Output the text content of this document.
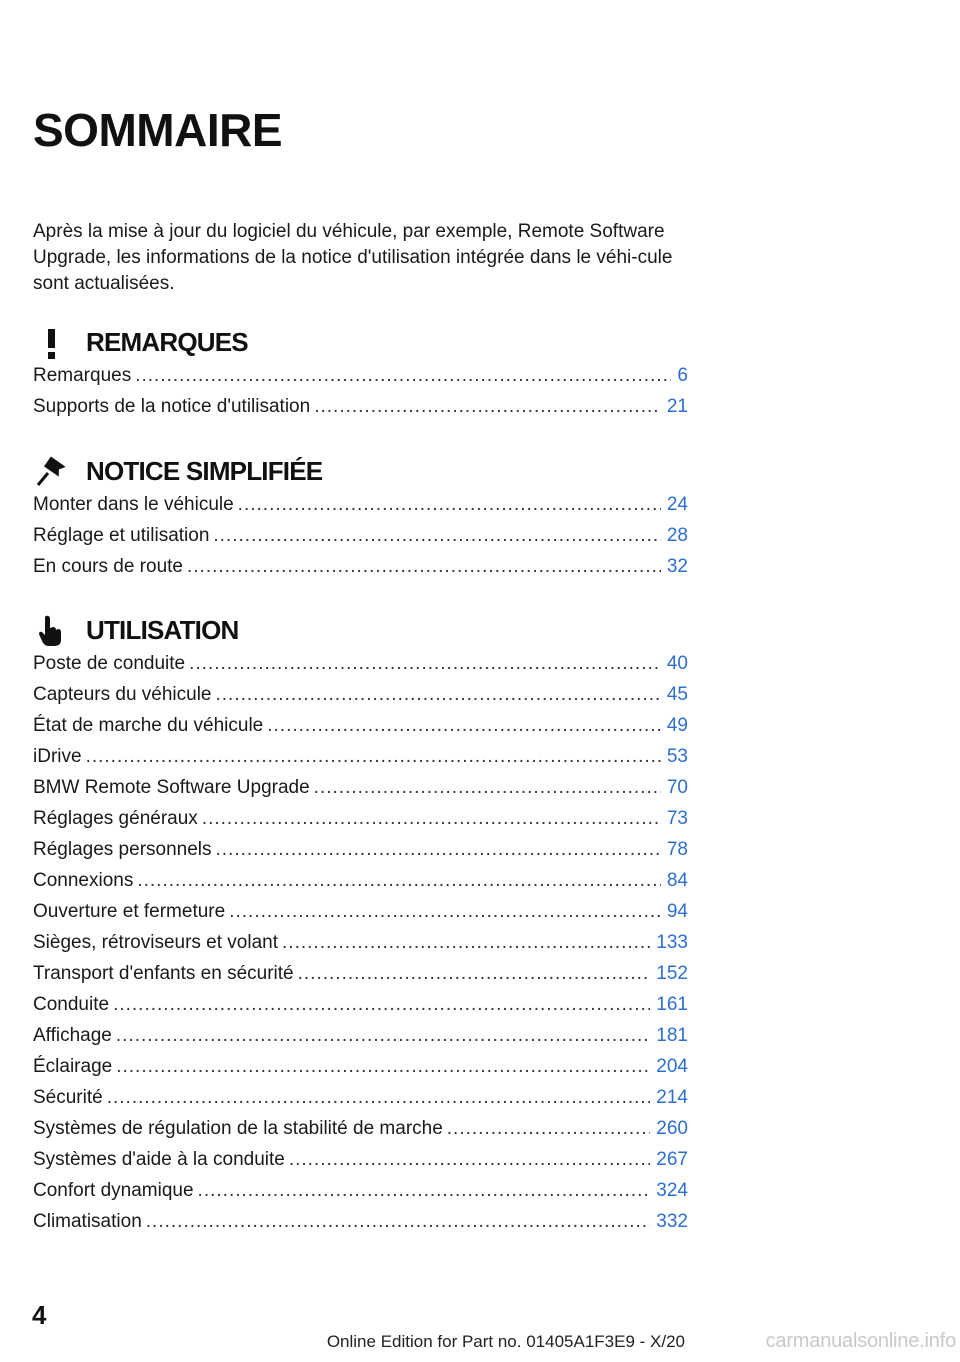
SOMMAIRE

Après la mise à jour du logiciel du véhicule, par exemple, Remote Software Upgrade, les informations de la notice d'utilisation intégrée dans le véhi-cule sont actualisées.

REMARQUES
Remarques .....	6
Supports de la notice d'utilisation .....	21
NOTICE SIMPLIFIÉE
Monter dans le véhicule .....	24
Réglage et utilisation .....	28
En cours de route .....	32
UTILISATION
Poste de conduite .....	40
Capteurs du véhicule .....	45
État de marche du véhicule .....	49
iDrive .....	53
BMW Remote Software Upgrade .....	70
Réglages généraux .....	73
Réglages personnels .....	78
Connexions .....	84
Ouverture et fermeture .....	94
Sièges, rétroviseurs et volant .....	133
Transport d'enfants en sécurité .....	152
Conduite .....	161
Affichage .....	181
Éclairage .....	204
Sécurité .....	214
Systèmes de régulation de la stabilité de marche .....	260
Systèmes d'aide à la conduite .....	267
Confort dynamique .....	324
Climatisation .....	332
4
Online Edition for Part no. 01405A1F3E9 - X/20	carmanualsonline.info
